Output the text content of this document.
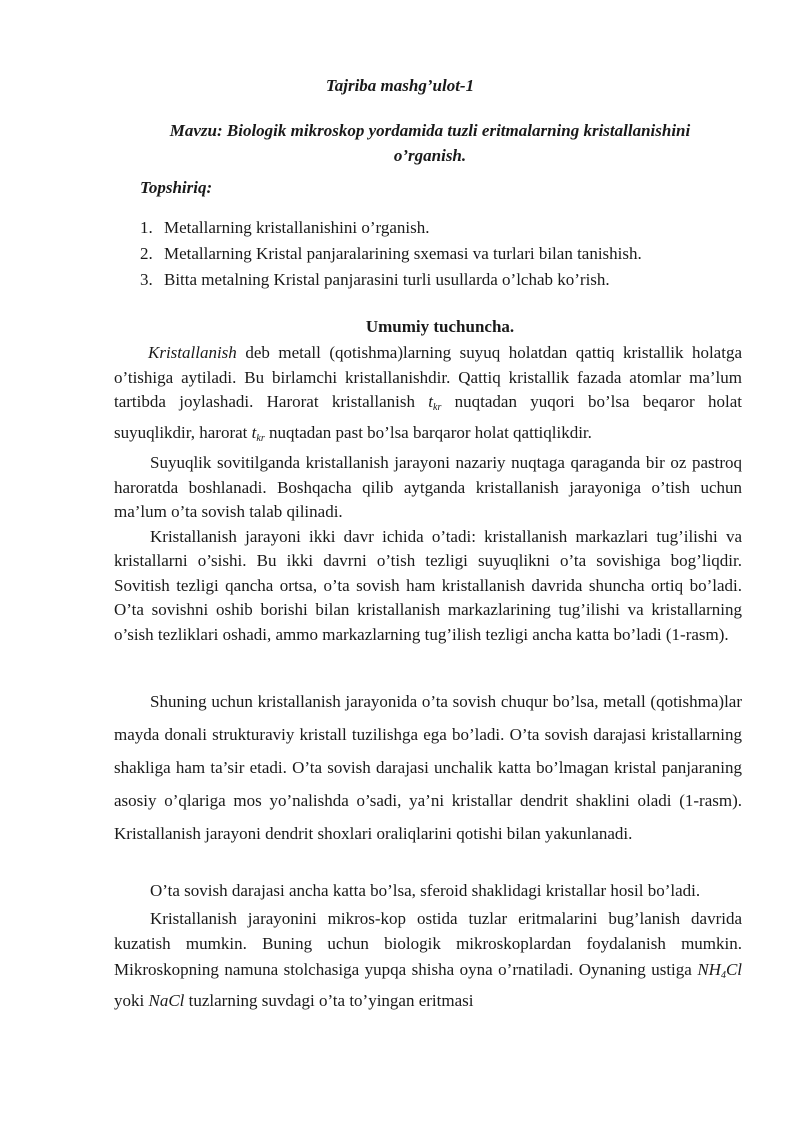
Tajriba mashg’ulot-1
Mavzu: Biologik mikroskop yordamida tuzli eritmalarning kristallanishini
o’rganish.
Topshiriq:
1. Metallarning kristallanishini o’rganish.
2. Metallarning Kristal panjaralarining sxemasi va turlari bilan tanishish.
3. Bitta metalning Kristal panjarasini turli usullarda o’lchab ko’rish.
Umumiy tuchuncha.

Kristallanish deb metall (qotishma)larning suyuq holatdan qattiq kristallik holatga o’tishiga aytiladi. Bu birlamchi kristallanishdir. Qattiq kristallik fazada atomlar ma’lum tartibda joylashadi. Harorat kristallanish $t_{kr}$ nuqtadan yuqori bo’lsa beqaror holat suyuqlikdir, harorat $t_{kr}$ nuqtadan past bo’lsa barqaror holat qattiqlikdir.

Suyuqlik sovitilganda kristallanish jarayoni nazariy nuqtaga qaraganda bir oz pastroq haroratda boshlanadi. Boshqacha qilib aytganda kristallanish jarayoniga o’tish uchun ma’lum o’ta sovish talab qilinadi.

Kristallanish jarayoni ikki davr ichida o’tadi: kristallanish markazlari tug’ilishi va kristallarni o’sishi. Bu ikki davrni o’tish tezligi suyuqlikni o’ta sovishiga bog’liqdir. Sovitish tezligi qancha ortsa, o’ta sovish ham kristallanish davrida shuncha ortiq bo’ladi. O’ta sovishni oshib borishi bilan kristallanish markazlarining tug’ilishi va kristallarning o’sish tezliklari oshadi, ammo markazlarning tug’ilish tezligi ancha katta bo’ladi (1-rasm).

Shuning uchun kristallanish jarayonida o’ta sovish chuqur bo’lsa, metall (qotishma)lar mayda donali strukturaviy kristall tuzilishga ega bo’ladi. O’ta sovish darajasi kristallarning shakliga ham ta’sir etadi. O’ta sovish darajasi unchalik katta bo’lmagan kristal panjaraning asosiy o’qlariga mos yo’nalishda o’sadi, ya’ni kristallar dendrit shaklini oladi (1-rasm). Kristallanish jarayoni dendrit shoxlari oraliqlarini qotishi bilan yakunlanadi.

O’ta sovish darajasi ancha katta bo’lsa, sferoid shaklidagi kristallar hosil bo’ladi.

Kristallanish jarayonini mikros-kop ostida tuzlar eritmalarini bug’lanish davrida kuzatish mumkin. Buning uchun biologik mikroskoplardan foydalanish mumkin. Mikroskopning namuna stolchasiga yupqa shisha oyna o’rnatiladi. Oynaning ustiga $NH_4Cl$ yoki NaCl tuzlarning suvdagi o’ta to’yingan eritmasi
